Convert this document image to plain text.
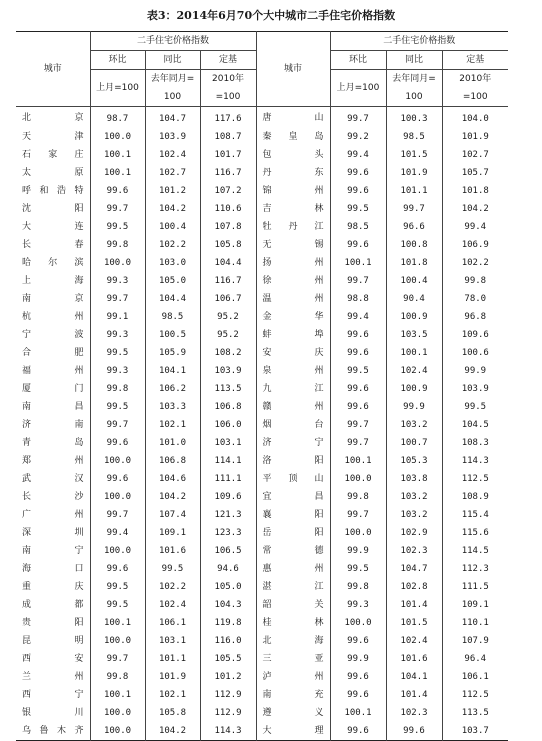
表3：2014年6月70个大中城市二手住宅价格指数
城市	二手住宅价格指数			城市	二手住宅价格指数		
	环比	同比	定基		环比	同比	定基
	上月=100	去年同月=
100	2010年
=100		上月=100	去年同月=
100	2010年
=100
北京	98.7	104.7	117.6	唐山	99.7	100.3	104.0
天津	100.0	103.9	108.7	秦皇岛	99.2	98.5	101.9
石家庄	100.1	102.4	101.7	包头	99.4	101.5	102.7
太原	100.1	102.7	116.7	丹东	99.6	101.9	105.7
呼和浩特	99.6	101.2	107.2	锦州	99.6	101.1	101.8
沈阳	99.7	104.2	110.6	吉林	99.5	99.7	104.2
大连	99.5	100.4	107.8	牡丹江	98.5	96.6	99.4
长春	99.8	102.2	105.8	无锡	99.6	100.8	106.9
哈尔滨	100.0	103.0	104.4	扬州	100.1	101.8	102.2
上海	99.3	105.0	116.7	徐州	99.7	100.4	99.8
南京	99.7	104.4	106.7	温州	98.8	90.4	78.0
杭州	99.1	98.5	95.2	金华	99.4	100.9	96.8
宁波	99.3	100.5	95.2	蚌埠	99.6	103.5	109.6
合肥	99.5	105.9	108.2	安庆	99.6	100.1	100.6
福州	99.3	104.1	103.9	泉州	99.5	102.4	99.9
厦门	99.8	106.2	113.5	九江	99.6	100.9	103.9
南昌	99.5	103.3	106.8	赣州	99.6	99.9	99.5
济南	99.7	102.1	106.0	烟台	99.7	103.2	104.5
青岛	99.6	101.0	103.1	济宁	99.7	100.7	108.3
郑州	100.0	106.8	114.1	洛阳	100.1	105.3	114.3
武汉	99.6	104.6	111.1	平顶山	100.0	103.8	112.5
长沙	100.0	104.2	109.6	宜昌	99.8	103.2	108.9
广州	99.7	107.4	121.3	襄阳	99.7	103.2	115.4
深圳	99.4	109.1	123.3	岳阳	100.0	102.9	115.6
南宁	100.0	101.6	106.5	常德	99.9	102.3	114.5
海口	99.6	99.5	94.6	惠州	99.5	104.7	112.3
重庆	99.5	102.2	105.0	湛江	99.8	102.8	111.5
成都	99.5	102.4	104.3	韶关	99.3	101.4	109.1
贵阳	100.1	106.1	119.8	桂林	100.0	101.5	110.1
昆明	100.0	103.1	116.0	北海	99.6	102.4	107.9
西安	99.7	101.1	105.5	三亚	99.9	101.6	96.4
兰州	99.8	101.9	101.2	泸州	99.6	104.1	106.1
西宁	100.1	102.1	112.9	南充	99.6	101.4	112.5
银川	100.0	105.8	112.9	遵义	100.1	102.3	113.5
乌鲁木齐	100.0	104.2	114.3	大理	99.6	99.6	103.7
